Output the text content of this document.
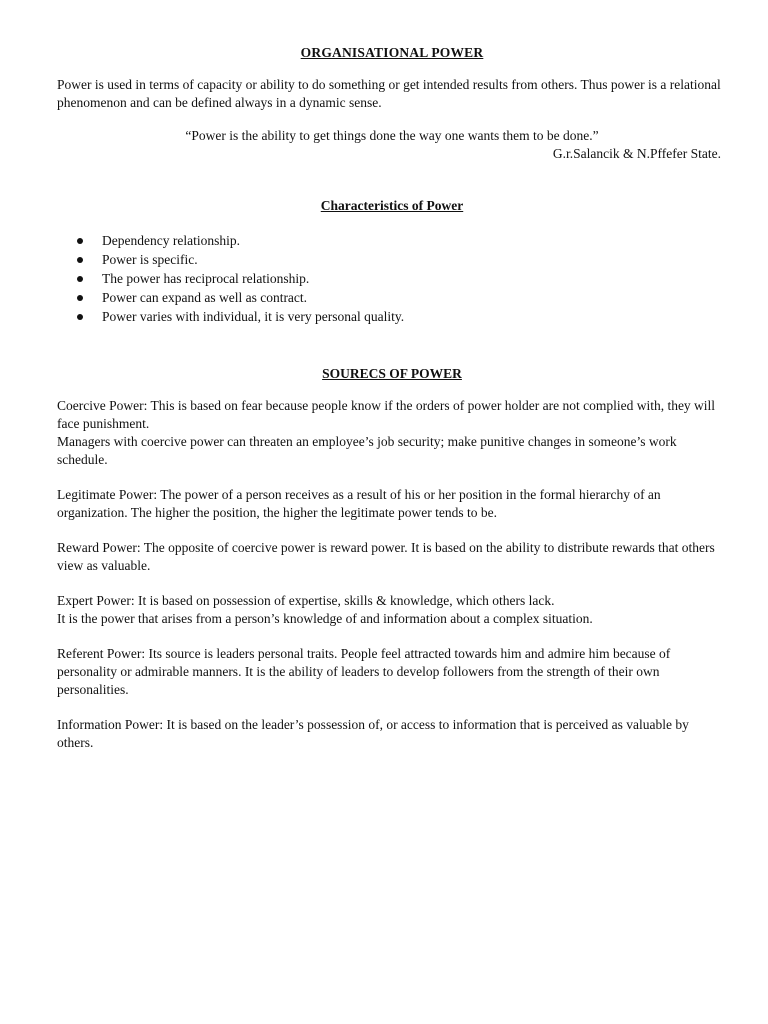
ORGANISATIONAL POWER

Power is used in terms of capacity or ability to do something or get intended results from others. Thus power is a relational phenomenon and can be defined always in a dynamic sense.

“Power is the ability to get things done the way one wants them to be done.”

G.r.Salancik & N.Pffefer State.

Characteristics of Power
Dependency relationship.
Power is specific.
The power has reciprocal relationship.
Power can expand as well as contract.
Power varies with individual, it is very personal quality.
SOURECS OF POWER

Coercive Power: This is based on fear because people know if the orders of power holder are not complied with, they will face punishment.

Managers with coercive power can threaten an employee’s job security; make punitive changes in someone’s work schedule.

Legitimate Power: The power of a person receives as a result of his or her position in the formal hierarchy of an organization. The higher the position, the higher the legitimate power tends to be.

Reward Power: The opposite of coercive power is reward power. It is based on the ability to distribute rewards that others view as valuable.

Expert Power: It is based on possession of expertise, skills & knowledge, which others lack.

It is the power that arises from a person’s knowledge of and information about a complex situation.

Referent Power: Its source is leaders personal traits. People feel attracted towards him and admire him because of personality or admirable manners. It is the ability of leaders to develop followers from the strength of their own personalities.

Information Power: It is based on the leader’s possession of, or access to information that is perceived as valuable by others.
